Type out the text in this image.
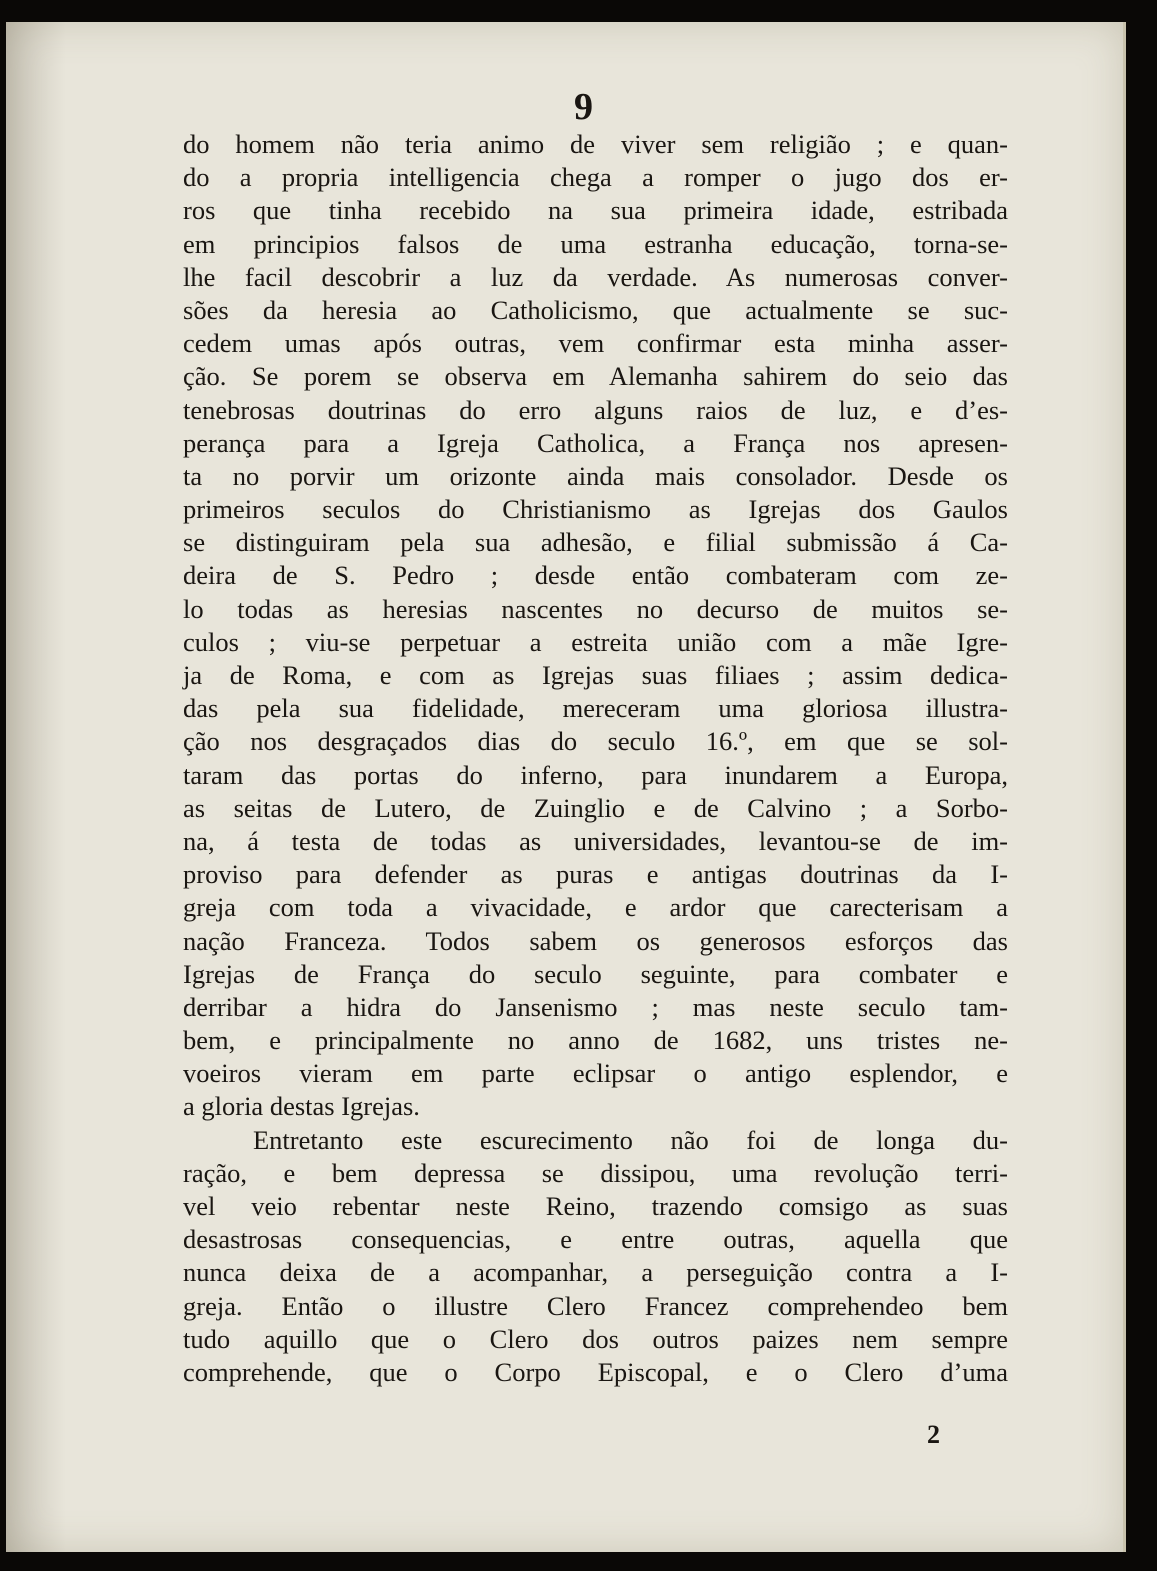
9
do homem não teria animo de viver sem religião ; e quan-
do a propria intelligencia chega a romper o jugo dos er-
ros que tinha recebido na sua primeira idade, estribada
em principios falsos de uma estranha educação, torna-se-
lhe facil descobrir a luz da verdade. As numerosas conver-
sões da heresia ao Catholicismo, que actualmente se suc-
cedem umas após outras, vem confirmar esta minha asser-
ção. Se porem se observa em Alemanha sahirem do seio das
tenebrosas doutrinas do erro alguns raios de luz, e d’es-
perança para a Igreja Catholica, a França nos apresen-
ta no porvir um orizonte ainda mais consolador. Desde os
primeiros seculos do Christianismo as Igrejas dos Gaulos
se distinguiram pela sua adhesão, e filial submissão á Ca-
deira de S. Pedro ; desde então combateram com ze-
lo todas as heresias nascentes no decurso de muitos se-
culos ; viu-se perpetuar a estreita união com a mãe Igre-
ja de Roma, e com as Igrejas suas filiaes ; assim dedica-
das pela sua fidelidade, mereceram uma gloriosa illustra-
ção nos desgraçados dias do seculo 16.º, em que se sol-
taram das portas do inferno, para inundarem a Europa,
as seitas de Lutero, de Zuinglio e de Calvino ; a Sorbo-
na, á testa de todas as universidades, levantou-se de im-
proviso para defender as puras e antigas doutrinas da I-
greja com toda a vivacidade, e ardor que carecterisam a
nação Franceza. Todos sabem os generosos esforços das
Igrejas de França do seculo seguinte, para combater e
derribar a hidra do Jansenismo ; mas neste seculo tam-
bem, e principalmente no anno de 1682, uns tristes ne-
voeiros vieram em parte eclipsar o antigo esplendor, e
a gloria destas Igrejas.
Entretanto este escurecimento não foi de longa du-
ração, e bem depressa se dissipou, uma revolução terri-
vel veio rebentar neste Reino, trazendo comsigo as suas
desastrosas consequencias, e entre outras, aquella que
nunca deixa de a acompanhar, a perseguição contra a I-
greja. Então o illustre Clero Francez comprehendeo bem
tudo aquillo que o Clero dos outros paizes nem sempre
comprehende, que o Corpo Episcopal, e o Clero d’uma
2
